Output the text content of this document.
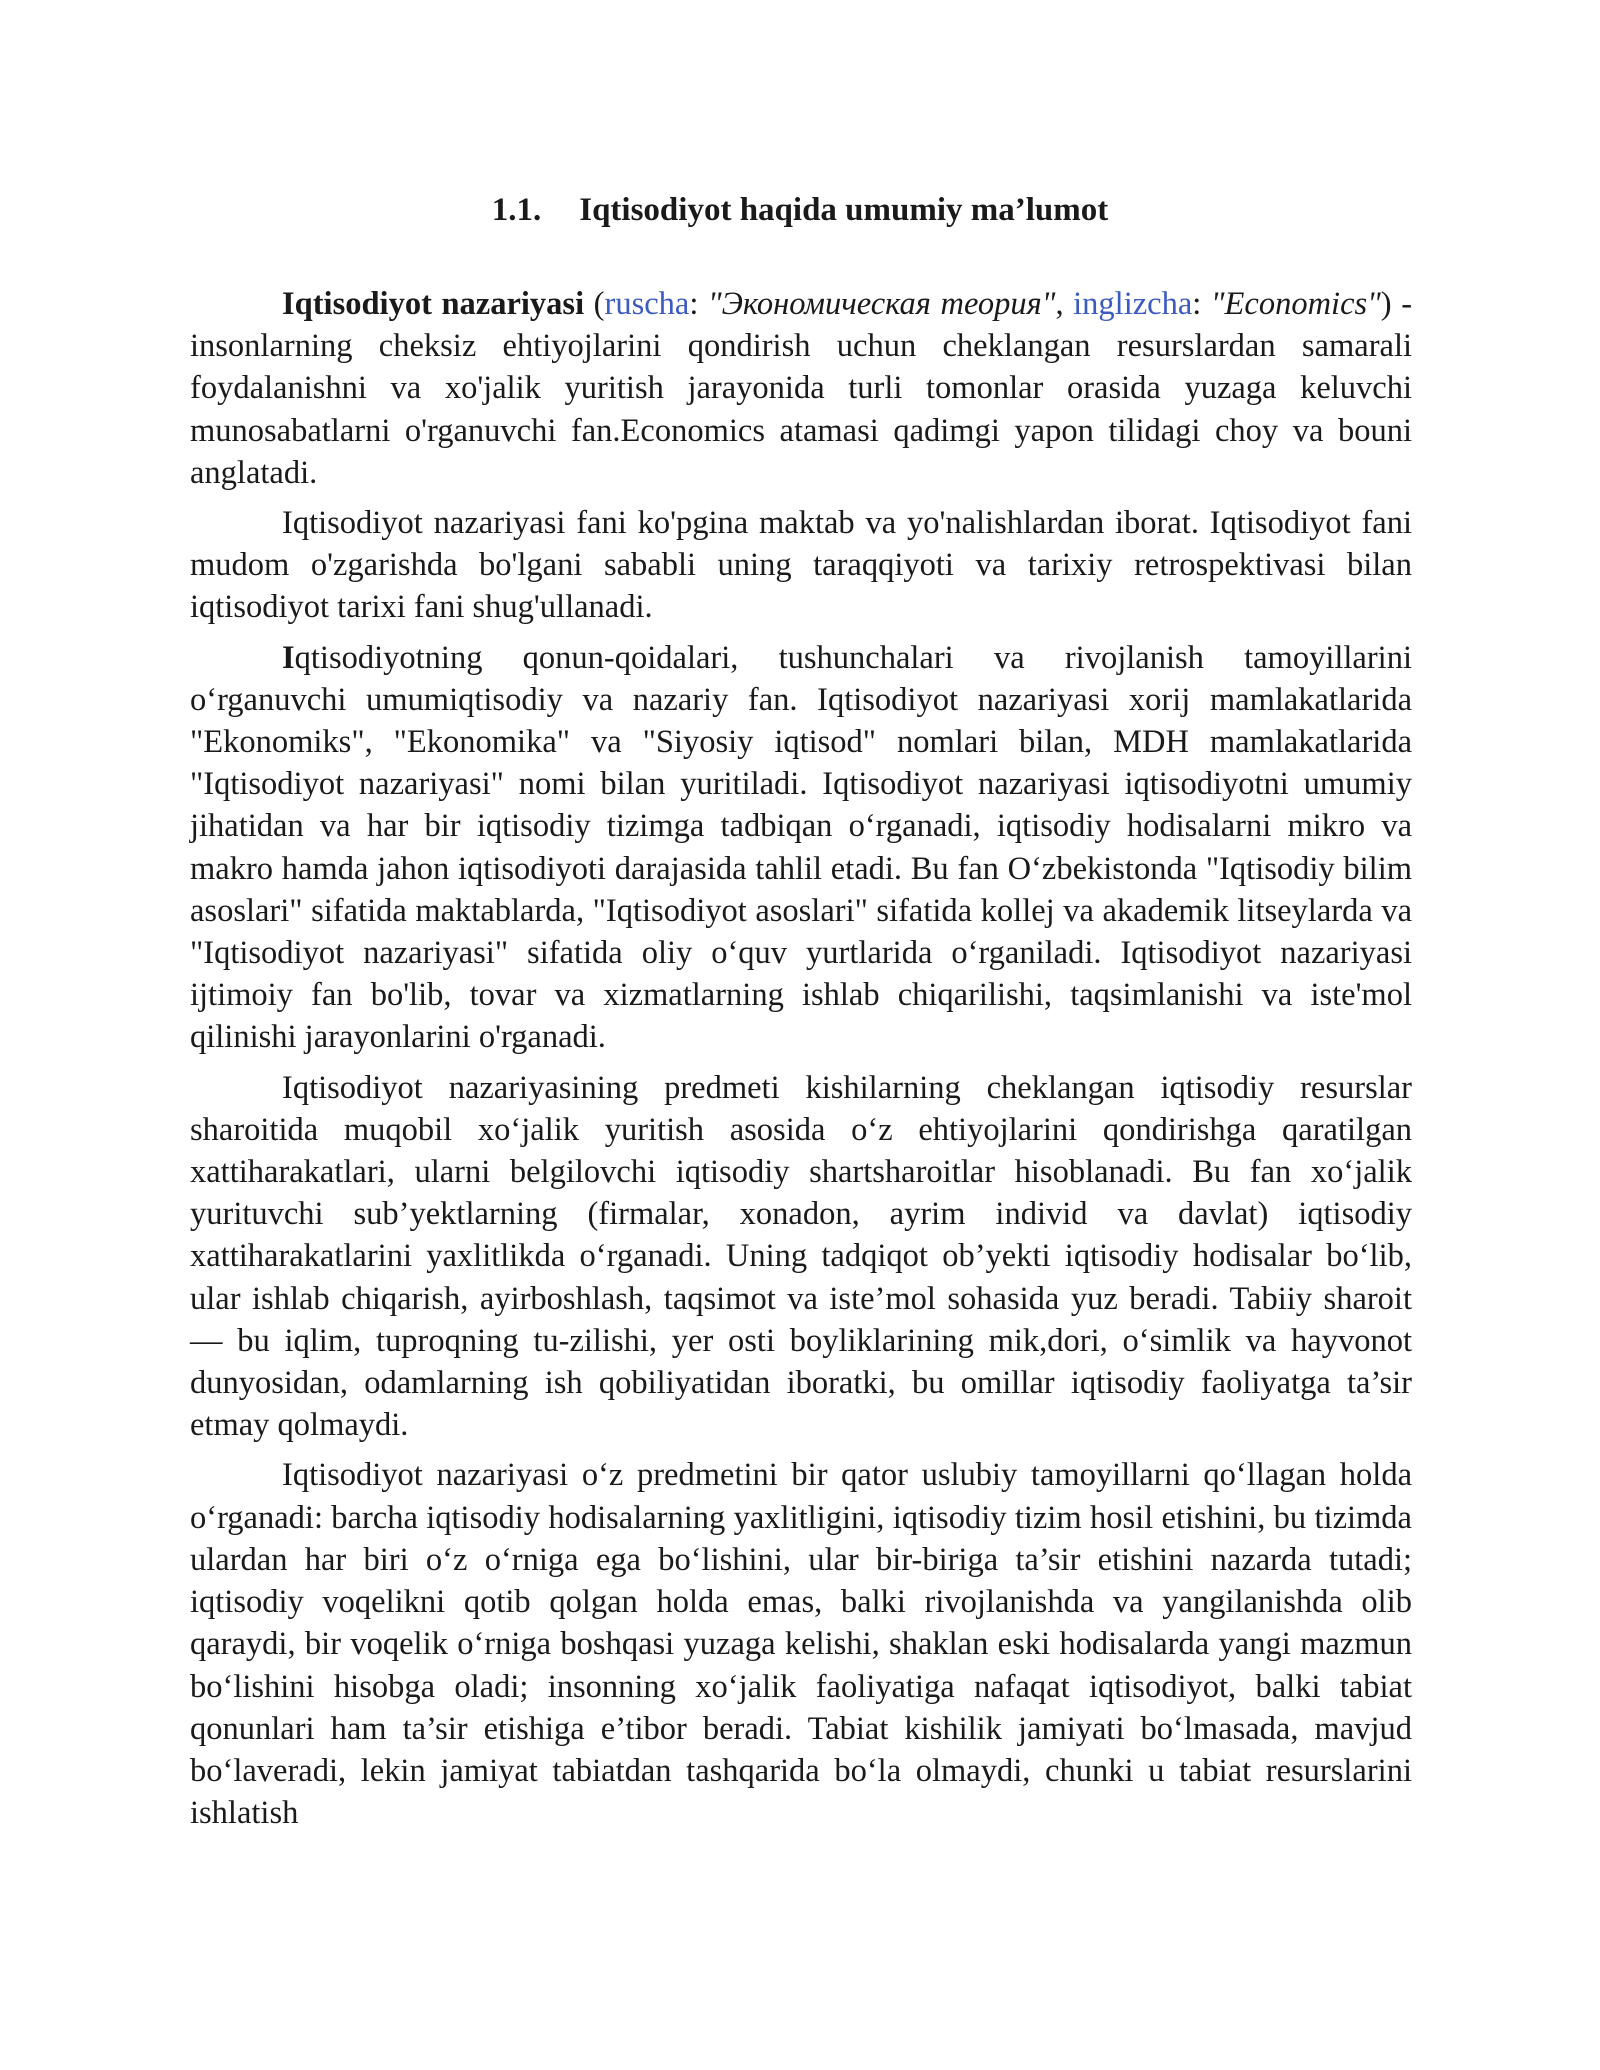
1.1. Iqtisodiyot haqida umumiy ma’lumot

Iqtisodiyot nazariyasi (ruscha: "Экономическая теория", inglizcha: "Economics") - insonlarning cheksiz ehtiyojlarini qondirish uchun cheklangan resurslardan samarali foydalanishni va xo'jalik yuritish jarayonida turli tomonlar orasida yuzaga keluvchi munosabatlarni o'rganuvchi fan.Economics atamasi qadimgi yapon tilidagi choy va bouni anglatadi.

Iqtisodiyot nazariyasi fani ko'pgina maktab va yo'nalishlardan iborat. Iqtisodiyot fani mudom o'zgarishda bo'lgani sababli uning taraqqiyoti va tarixiy retrospektivasi bilan iqtisodiyot tarixi fani shug'ullanadi.

Iqtisodiyotning qonun-qoidalari, tushunchalari va rivojlanish tamoyillarini o‘rganuvchi umumiqtisodiy va nazariy fan. Iqtisodiyot nazariyasi xorij mamlakatlarida "Ekonomiks", "Ekonomika" va "Siyosiy iqtisod" nomlari bilan, MDH mamlakatlarida "Iqtisodiyot nazariyasi" nomi bilan yuritiladi. Iqtisodiyot nazariyasi iqtisodiyotni umumiy jihatidan va har bir iqtisodiy tizimga tadbiqan o‘rganadi, iqtisodiy hodisalarni mikro va makro hamda jahon iqtisodiyoti darajasida tahlil etadi. Bu fan O‘zbekistonda "Iqtisodiy bilim asoslari" sifatida maktablarda, "Iqtisodiyot asoslari" sifatida kollej va akademik litseylarda va "Iqtisodiyot nazariyasi" sifatida oliy o‘quv yurtlarida o‘rganiladi. Iqtisodiyot nazariyasi ijtimoiy fan bo'lib, tovar va xizmatlarning ishlab chiqarilishi, taqsimlanishi va iste'mol qilinishi jarayonlarini o'rganadi.

Iqtisodiyot nazariyasining predmeti kishilarning cheklangan iqtisodiy resurslar sharoitida muqobil xo‘jalik yuritish asosida o‘z ehtiyojlarini qondirishga qaratilgan xattiharakatlari, ularni belgilovchi iqtisodiy shartsharoitlar hisoblanadi. Bu fan xo‘jalik yurituvchi sub’yektlarning (firmalar, xonadon, ayrim individ va davlat) iqtisodiy xattiharakatlarini yaxlitlikda o‘rganadi. Uning tadqiqot ob’yekti iqtisodiy hodisalar bo‘lib, ular ishlab chiqarish, ayirboshlash, taqsimot va iste’mol sohasida yuz beradi. Tabiiy sharoit — bu iqlim, tuproqning tu-zilishi, yer osti boyliklarining mik,dori, o‘simlik va hayvonot dunyosidan, odamlarning ish qobiliyatidan iboratki, bu omillar iqtisodiy faoliyatga ta’sir etmay qolmaydi.

Iqtisodiyot nazariyasi o‘z predmetini bir qator uslubiy tamoyillarni qo‘llagan holda o‘rganadi: barcha iqtisodiy hodisalarning yaxlitligini, iqtisodiy tizim hosil etishini, bu tizimda ulardan har biri o‘z o‘rniga ega bo‘lishini, ular bir-biriga ta’sir etishini nazarda tutadi; iqtisodiy voqelikni qotib qolgan holda emas, balki rivojlanishda va yangilanishda olib qaraydi, bir voqelik o‘rniga boshqasi yuzaga kelishi, shaklan eski hodisalarda yangi mazmun bo‘lishini hisobga oladi; insonning xo‘jalik faoliyatiga nafaqat iqtisodiyot, balki tabiat qonunlari ham ta’sir etishiga e’tibor beradi. Tabiat kishilik jamiyati bo‘lmasada, mavjud bo‘laveradi, lekin jamiyat tabiatdan tashqarida bo‘la olmaydi, chunki u tabiat resurslarini ishlatish
